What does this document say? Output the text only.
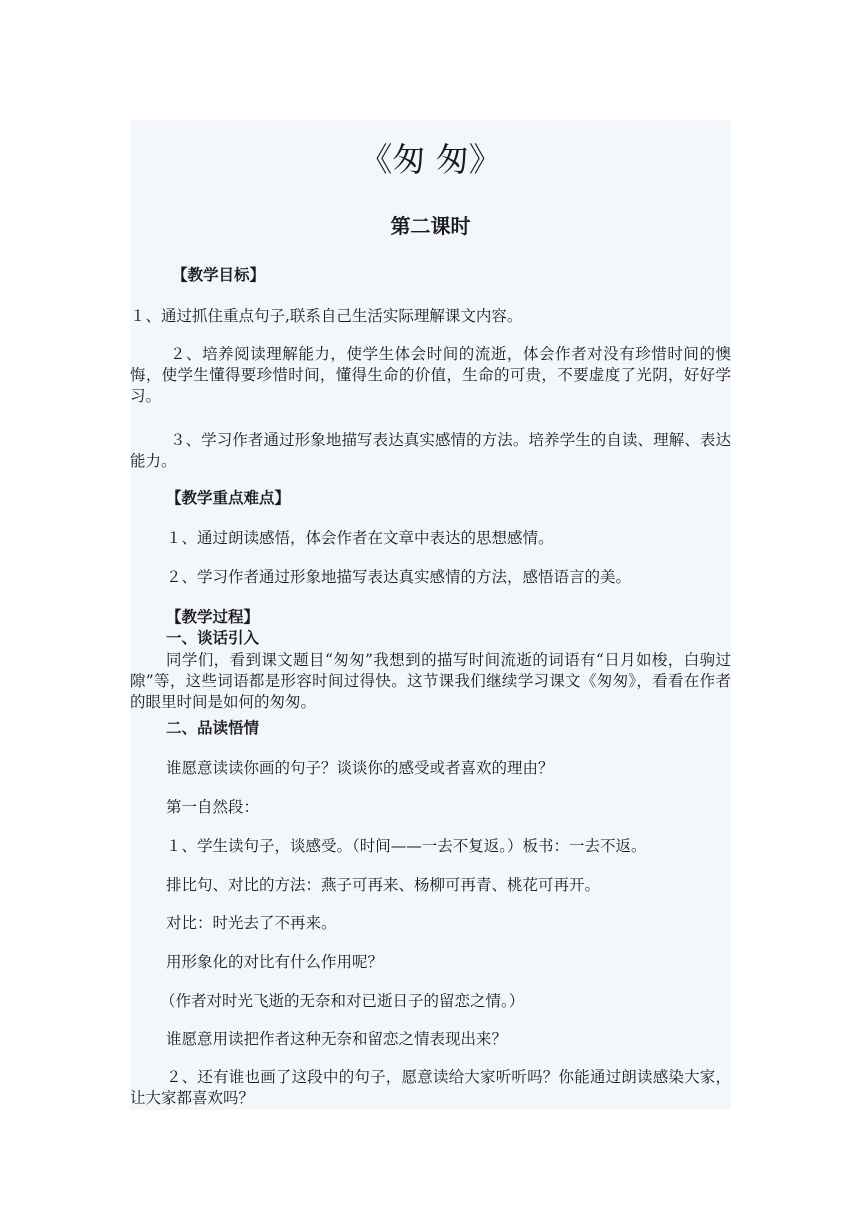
《匆 匆》
第二课时
【教学目标】
１、通过抓住重点句子,联系自己生活实际理解课文内容。
２、培养阅读理解能力，使学生体会时间的流逝，体会作者对没有珍惜时间的懊悔，使学生懂得要珍惜时间，懂得生命的价值，生命的可贵，不要虚度了光阴，好好学习。
３、学习作者通过形象地描写表达真实感情的方法。培养学生的自读、理解、表达能力。
【教学重点难点】
１、通过朗读感悟，体会作者在文章中表达的思想感情。
２、学习作者通过形象地描写表达真实感情的方法，感悟语言的美。
【教学过程】
一、谈话引入
同学们，看到课文题目“匆匆”我想到的描写时间流逝的词语有“日月如梭，白驹过隙”等，这些词语都是形容时间过得快。这节课我们继续学习课文《匆匆》，看看在作者的眼里时间是如何的匆匆。
二、品读悟情
谁愿意读读你画的句子？谈谈你的感受或者喜欢的理由？
第一自然段：
１、学生读句子，谈感受。（时间——一去不复返。）板书：一去不返。
排比句、对比的方法：燕子可再来、杨柳可再青、桃花可再开。
对比：时光去了不再来。
用形象化的对比有什么作用呢？
（作者对时光飞逝的无奈和对已逝日子的留恋之情。）
谁愿意用读把作者这种无奈和留恋之情表现出来？
２、还有谁也画了这段中的句子，愿意读给大家听听吗？你能通过朗读感染大家，让大家都喜欢吗？
